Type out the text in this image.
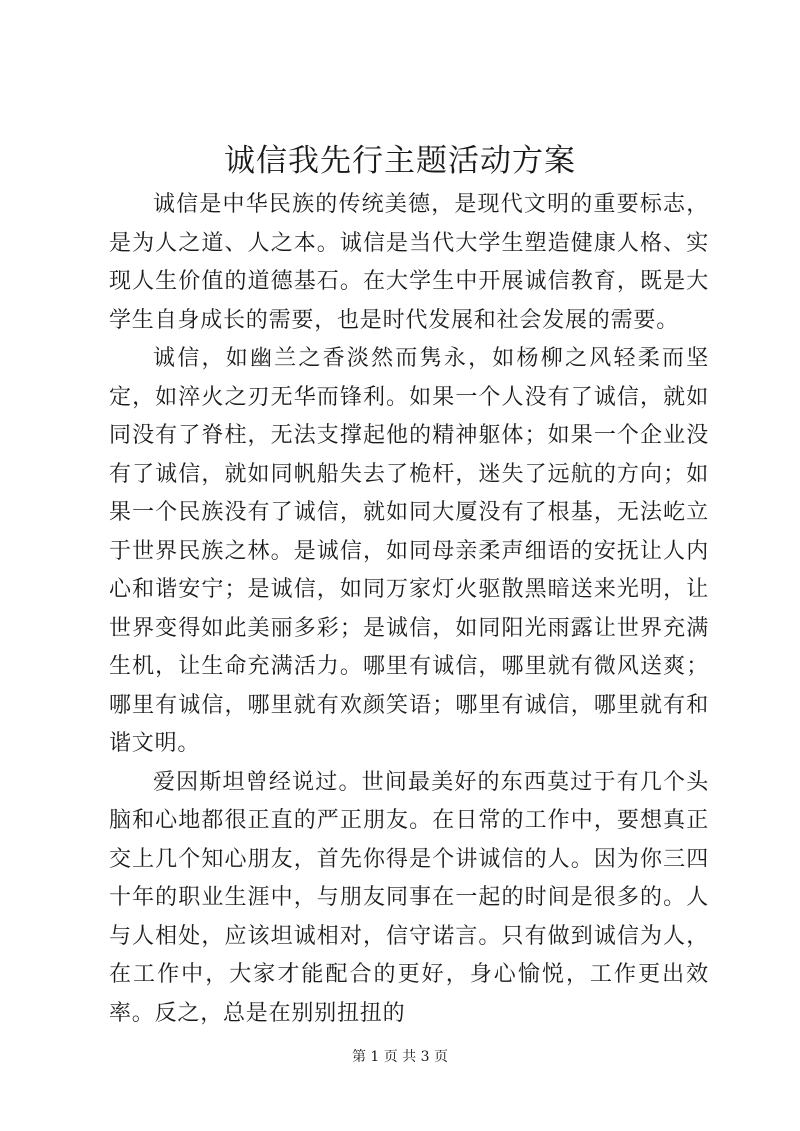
诚信我先行主题活动方案

诚信是中华民族的传统美德，是现代文明的重要标志，是为人之道、人之本。诚信是当代大学生塑造健康人格、实现人生价值的道德基石。在大学生中开展诚信教育，既是大学生自身成长的需要，也是时代发展和社会发展的需要。

诚信，如幽兰之香淡然而隽永，如杨柳之风轻柔而坚定，如淬火之刃无华而锋利。如果一个人没有了诚信，就如同没有了脊柱，无法支撑起他的精神躯体；如果一个企业没有了诚信，就如同帆船失去了桅杆，迷失了远航的方向；如果一个民族没有了诚信，就如同大厦没有了根基，无法屹立于世界民族之林。是诚信，如同母亲柔声细语的安抚让人内心和谐安宁；是诚信，如同万家灯火驱散黑暗送来光明，让世界变得如此美丽多彩；是诚信，如同阳光雨露让世界充满生机，让生命充满活力。哪里有诚信，哪里就有微风送爽；哪里有诚信，哪里就有欢颜笑语；哪里有诚信，哪里就有和谐文明。

爱因斯坦曾经说过。世间最美好的东西莫过于有几个头脑和心地都很正直的严正朋友。在日常的工作中，要想真正交上几个知心朋友，首先你得是个讲诚信的人。因为你三四十年的职业生涯中，与朋友同事在一起的时间是很多的。人与人相处，应该坦诚相对，信守诺言。只有做到诚信为人，在工作中，大家才能配合的更好，身心愉悦，工作更出效率。反之，总是在别别扭扭的

第 1 页 共 3 页
